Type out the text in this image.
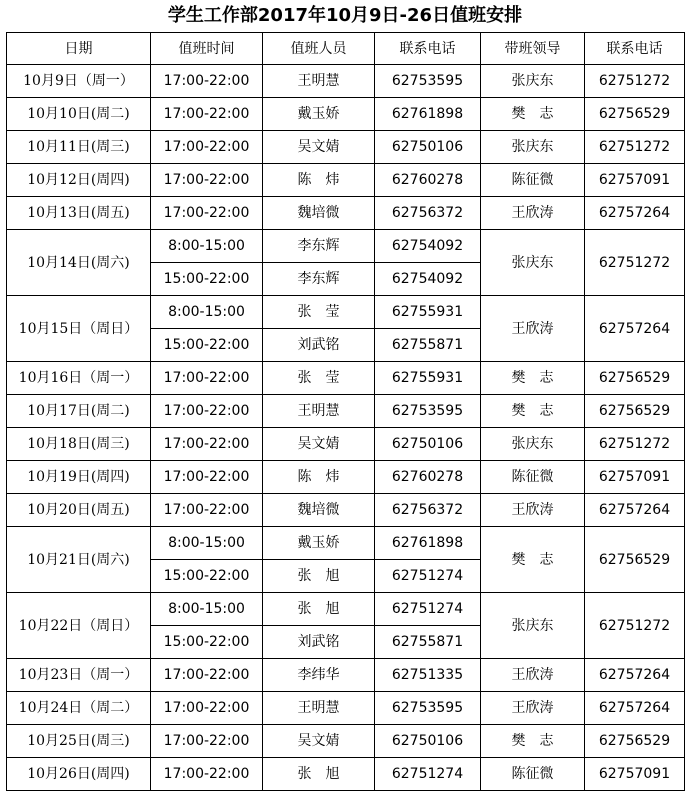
学生工作部2017年10月9日-26日值班安排
日期	值班时间	值班人员	联系电话	带班领导	联系电话
10月9日（周一）	17:00-22:00	王明慧	62753595	张庆东	62751272
10月10日(周二)	17:00-22:00	戴玉娇	62761898	樊　志	62756529
10月11日(周三)	17:00-22:00	吴文婧	62750106	张庆东	62751272
10月12日(周四)	17:00-22:00	陈　炜	62760278	陈征微	62757091
10月13日(周五)	17:00-22:00	魏培微	62756372	王欣涛	62757264
10月14日(周六)	8:00-15:00	李东辉	62754092	张庆东	62751272
	15:00-22:00	李东辉	62754092		
10月15日（周日）	8:00-15:00	张　莹	62755931	王欣涛	62757264
	15:00-22:00	刘武铭	62755871		
10月16日（周一）	17:00-22:00	张　莹	62755931	樊　志	62756529
10月17日(周二)	17:00-22:00	王明慧	62753595	樊　志	62756529
10月18日(周三)	17:00-22:00	吴文婧	62750106	张庆东	62751272
10月19日(周四)	17:00-22:00	陈　炜	62760278	陈征微	62757091
10月20日(周五)	17:00-22:00	魏培微	62756372	王欣涛	62757264
10月21日(周六)	8:00-15:00	戴玉娇	62761898	樊　志	62756529
	15:00-22:00	张　旭	62751274		
10月22日（周日）	8:00-15:00	张　旭	62751274	张庆东	62751272
	15:00-22:00	刘武铭	62755871		
10月23日（周一）	17:00-22:00	李纬华	62751335	王欣涛	62757264
10月24日（周二）	17:00-22:00	王明慧	62753595	王欣涛	62757264
10月25日(周三)	17:00-22:00	吴文婧	62750106	樊　志	62756529
10月26日(周四)	17:00-22:00	张　旭	62751274	陈征微	62757091
